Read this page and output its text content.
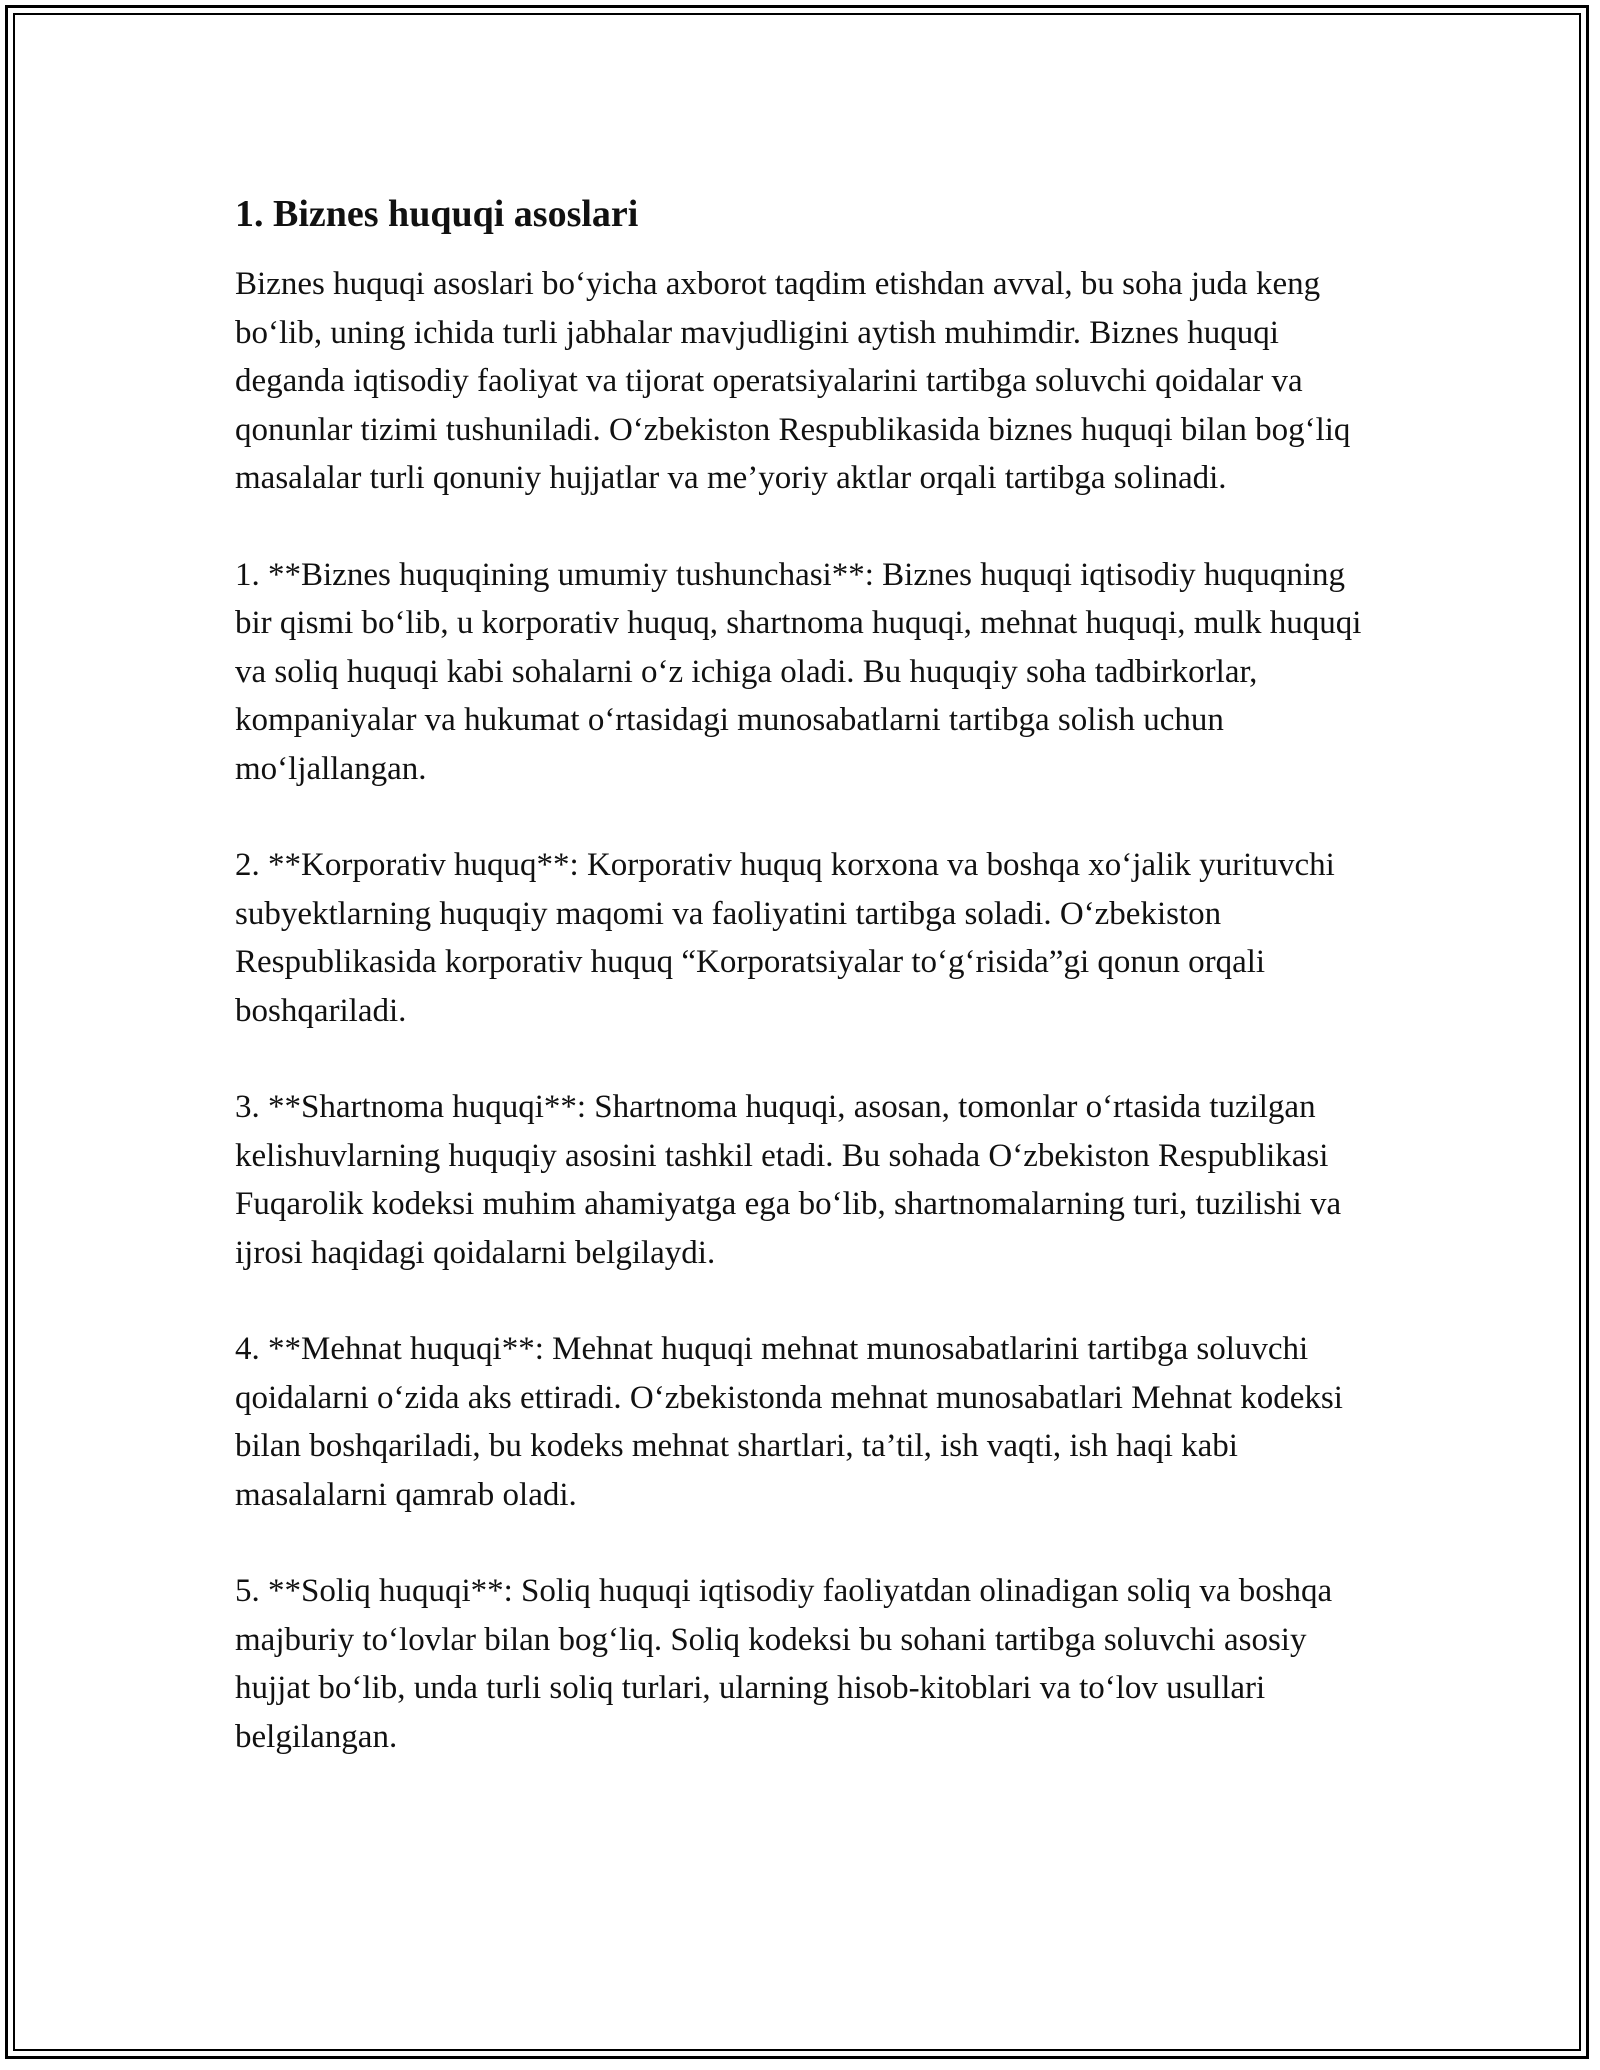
1. Biznes huquqi asoslari

Biznes huquqi asoslari bo‘yicha axborot taqdim etishdan avval, bu soha juda keng bo‘lib, uning ichida turli jabhalar mavjudligini aytish muhimdir. Biznes huquqi deganda iqtisodiy faoliyat va tijorat operatsiyalarini tartibga soluvchi qoidalar va qonunlar tizimi tushuniladi. O‘zbekiston Respublikasida biznes huquqi bilan bog‘liq masalalar turli qonuniy hujjatlar va me’yoriy aktlar orqali tartibga solinadi.

1. **Biznes huquqining umumiy tushunchasi**: Biznes huquqi iqtisodiy huquqning bir qismi bo‘lib, u korporativ huquq, shartnoma huquqi, mehnat huquqi, mulk huquqi va soliq huquqi kabi sohalarni o‘z ichiga oladi. Bu huquqiy soha tadbirkorlar, kompaniyalar va hukumat o‘rtasidagi munosabatlarni tartibga solish uchun mo‘ljallangan.

2. **Korporativ huquq**: Korporativ huquq korxona va boshqa xo‘jalik yurituvchi subyektlarning huquqiy maqomi va faoliyatini tartibga soladi. O‘zbekiston Respublikasida korporativ huquq “Korporatsiyalar to‘g‘risida”gi qonun orqali boshqariladi.

3. **Shartnoma huquqi**: Shartnoma huquqi, asosan, tomonlar o‘rtasida tuzilgan kelishuvlarning huquqiy asosini tashkil etadi. Bu sohada O‘zbekiston Respublikasi Fuqarolik kodeksi muhim ahamiyatga ega bo‘lib, shartnomalarning turi, tuzilishi va ijrosi haqidagi qoidalarni belgilaydi.

4. **Mehnat huquqi**: Mehnat huquqi mehnat munosabatlarini tartibga soluvchi qoidalarni o‘zida aks ettiradi. O‘zbekistonda mehnat munosabatlari Mehnat kodeksi bilan boshqariladi, bu kodeks mehnat shartlari, ta’til, ish vaqti, ish haqi kabi masalalarni qamrab oladi.

5. **Soliq huquqi**: Soliq huquqi iqtisodiy faoliyatdan olinadigan soliq va boshqa majburiy to‘lovlar bilan bog‘liq. Soliq kodeksi bu sohani tartibga soluvchi asosiy hujjat bo‘lib, unda turli soliq turlari, ularning hisob-kitoblari va to‘lov usullari belgilangan.
